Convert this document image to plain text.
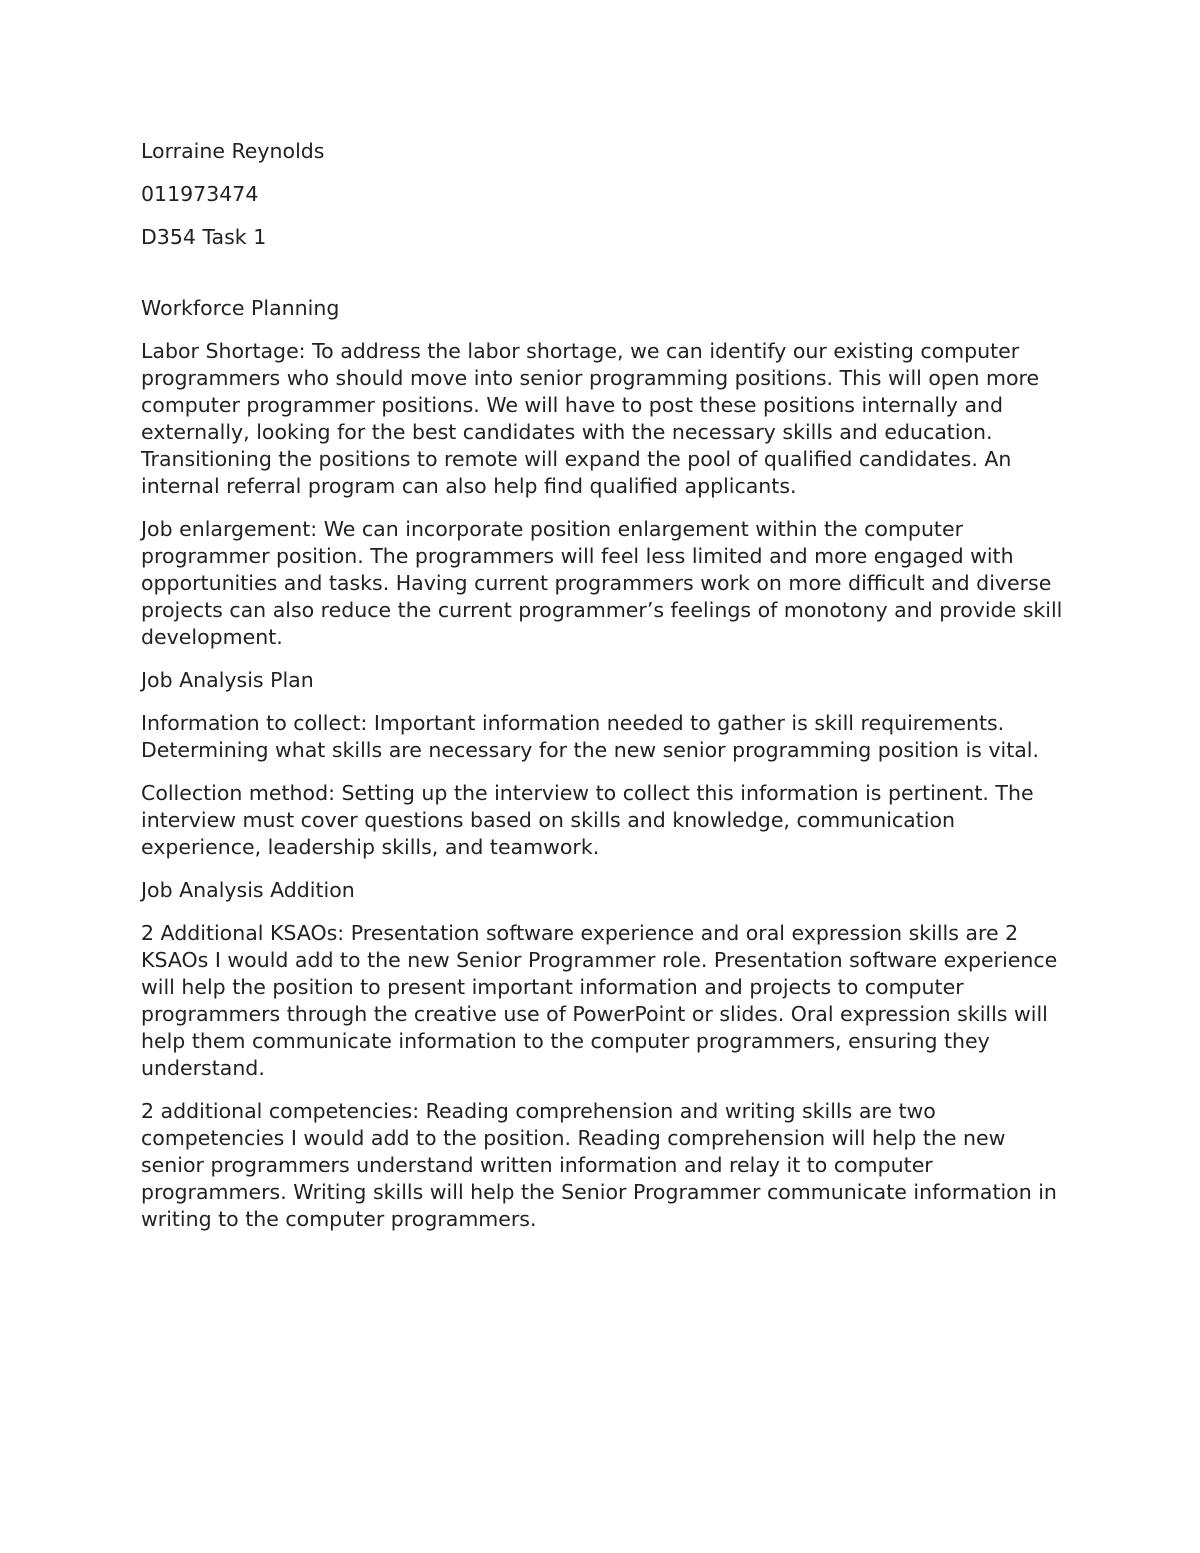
Lorraine Reynolds

011973474

D354 Task 1

Workforce Planning

Labor Shortage: To address the labor shortage, we can identify our existing computer programmers who should move into senior programming positions. This will open more computer programmer positions. We will have to post these positions internally and externally, looking for the best candidates with the necessary skills and education. Transitioning the positions to remote will expand the pool of qualified candidates. An internal referral program can also help find qualified applicants.

Job enlargement: We can incorporate position enlargement within the computer programmer position. The programmers will feel less limited and more engaged with opportunities and tasks. Having current programmers work on more difficult and diverse projects can also reduce the current programmer’s feelings of monotony and provide skill development.

Job Analysis Plan

Information to collect: Important information needed to gather is skill requirements. Determining what skills are necessary for the new senior programming position is vital.

Collection method: Setting up the interview to collect this information is pertinent. The interview must cover questions based on skills and knowledge, communication experience, leadership skills, and teamwork.

Job Analysis Addition

2 Additional KSAOs: Presentation software experience and oral expression skills are 2 KSAOs I would add to the new Senior Programmer role. Presentation software experience will help the position to present important information and projects to computer programmers through the creative use of PowerPoint or slides. Oral expression skills will help them communicate information to the computer programmers, ensuring they understand.

2 additional competencies: Reading comprehension and writing skills are two competencies I would add to the position. Reading comprehension will help the new senior programmers understand written information and relay it to computer programmers. Writing skills will help the Senior Programmer communicate information in writing to the computer programmers.
